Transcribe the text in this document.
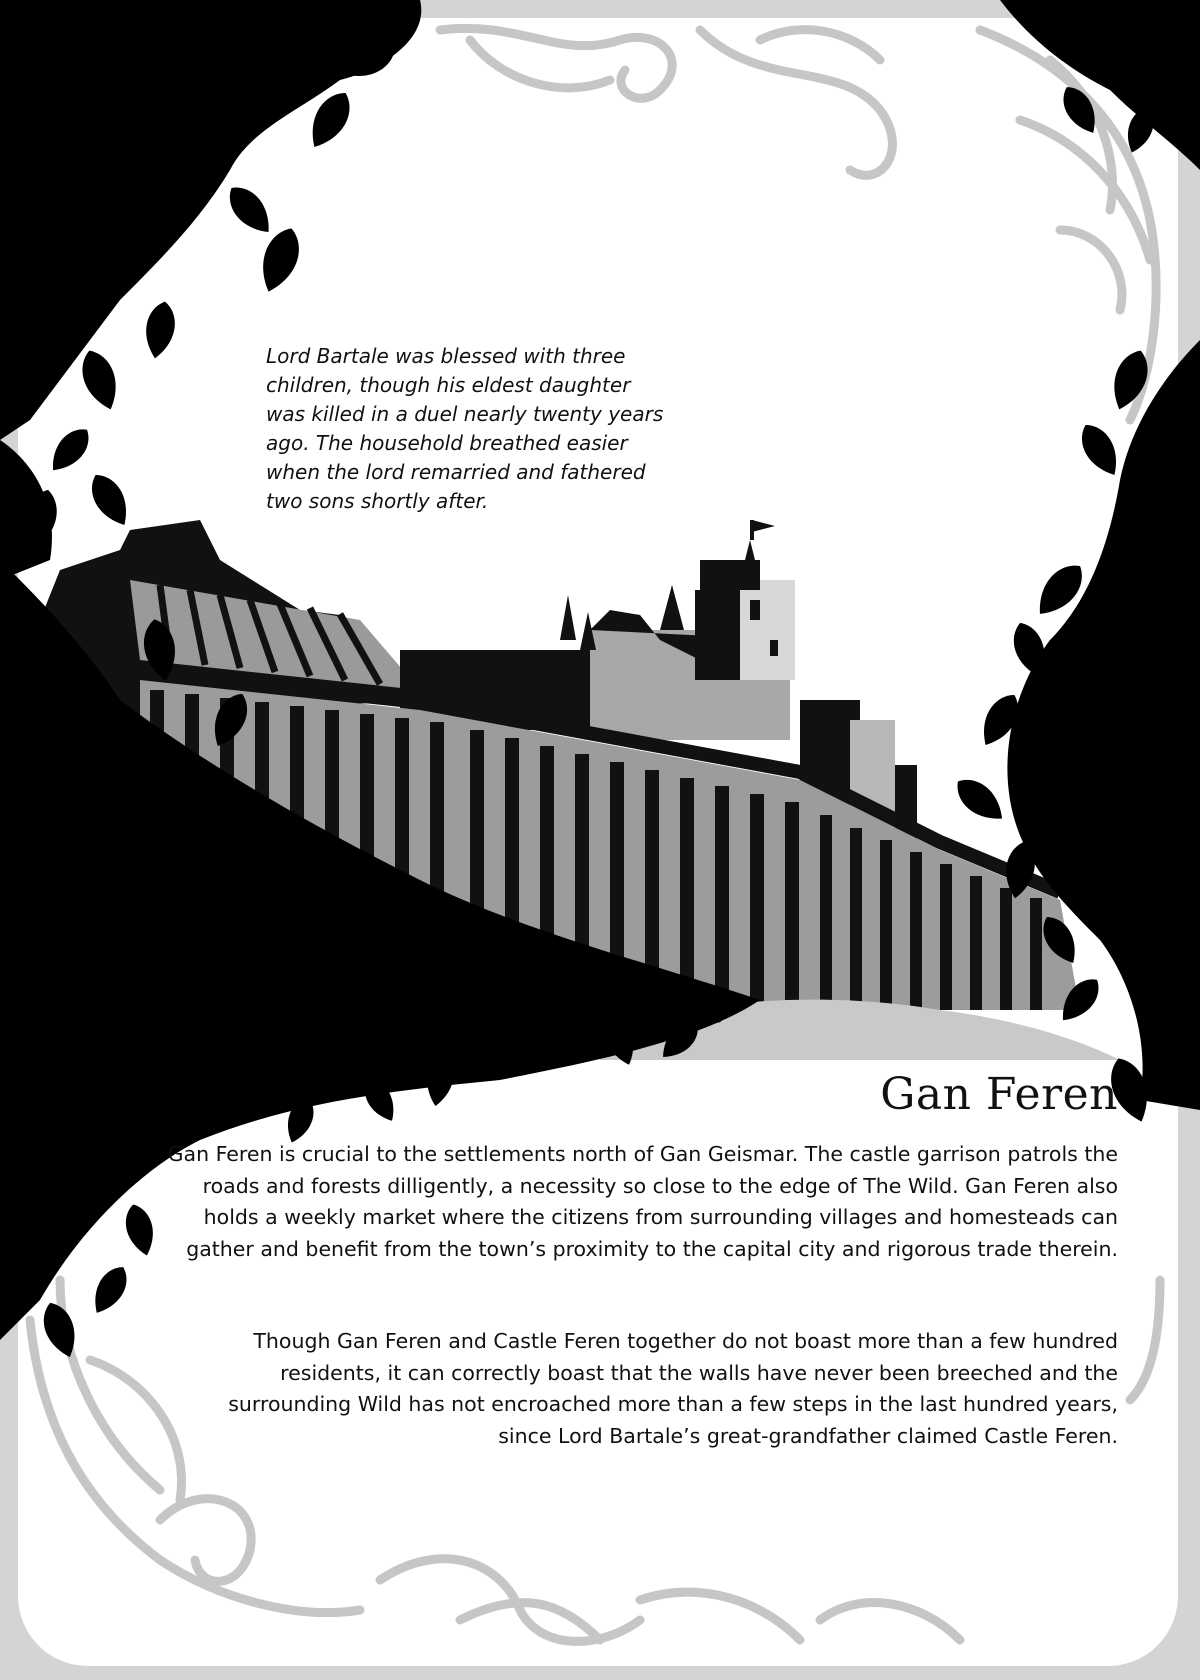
Lord Bartale was blessed with three children, though his eldest daughter was killed in a duel nearly twenty years ago. The household breathed easier when the lord remarried and fathered two sons shortly after.

Gan Feren

Gan Feren is crucial to the settlements north of Gan Geismar. The castle garrison patrols the roads and forests dilligently, a necessity so close to the edge of The Wild. Gan Feren also holds a weekly market where the citizens from surrounding villages and homesteads can gather and benefit from the town’s proximity to the capital city and rigorous trade therein.

Though Gan Feren and Castle Feren together do not boast more than a few hundred residents, it can correctly boast that the walls have never been breeched and the surrounding Wild has not encroached more than a few steps in the last hundred years, since Lord Bartale’s great-grandfather claimed Castle Feren.
